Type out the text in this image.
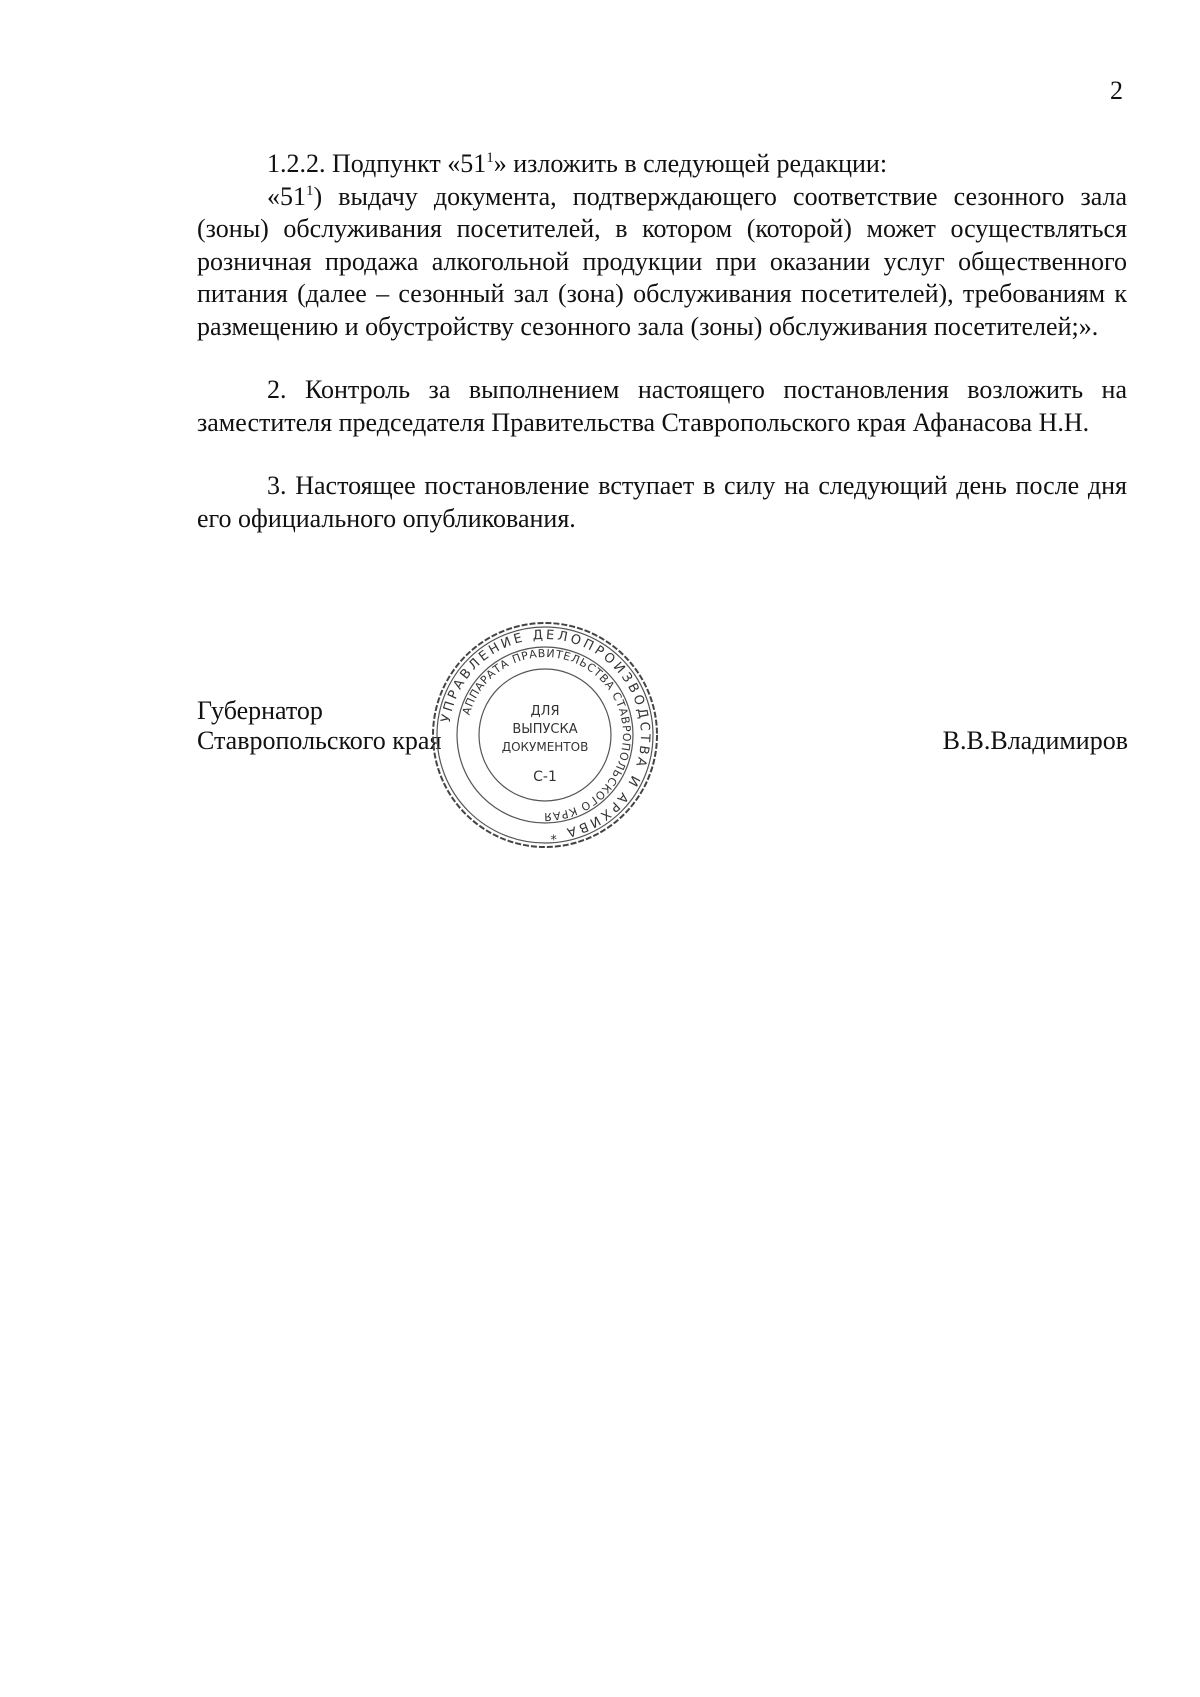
2

1.2.2. Подпункт «$51^1$» изложить в следующей редакции:

«$51^1$) выдачу документа, подтверждающего соответствие сезонного зала (зоны) обслуживания посетителей, в котором (которой) может осуществляться розничная продажа алкогольной продукции при оказании услуг общественного питания (далее – сезонный зал (зона) обслуживания посетителей), требованиям к размещению и обустройству сезонного зала (зоны) обслуживания посетителей;».

2. Контроль за выполнением настоящего постановления возложить на заместителя председателя Правительства Ставропольского края Афанасова Н.Н.

3. Настоящее постановление вступает в силу на следующий день после дня его официального опубликования.

Губернатор
Ставропольского края	В.В.Владимиров
УПРАВЛЕНИЕ ДЕЛОПРОИЗВОДСТВА И АРХИВА *
АППАРАТА ПРАВИТЕЛЬСТВА СТАВРОПОЛЬСКОГО КРАЯ
ДЛЯ
ВЫПУСКА
ДОКУМЕНТОВ
С-1
